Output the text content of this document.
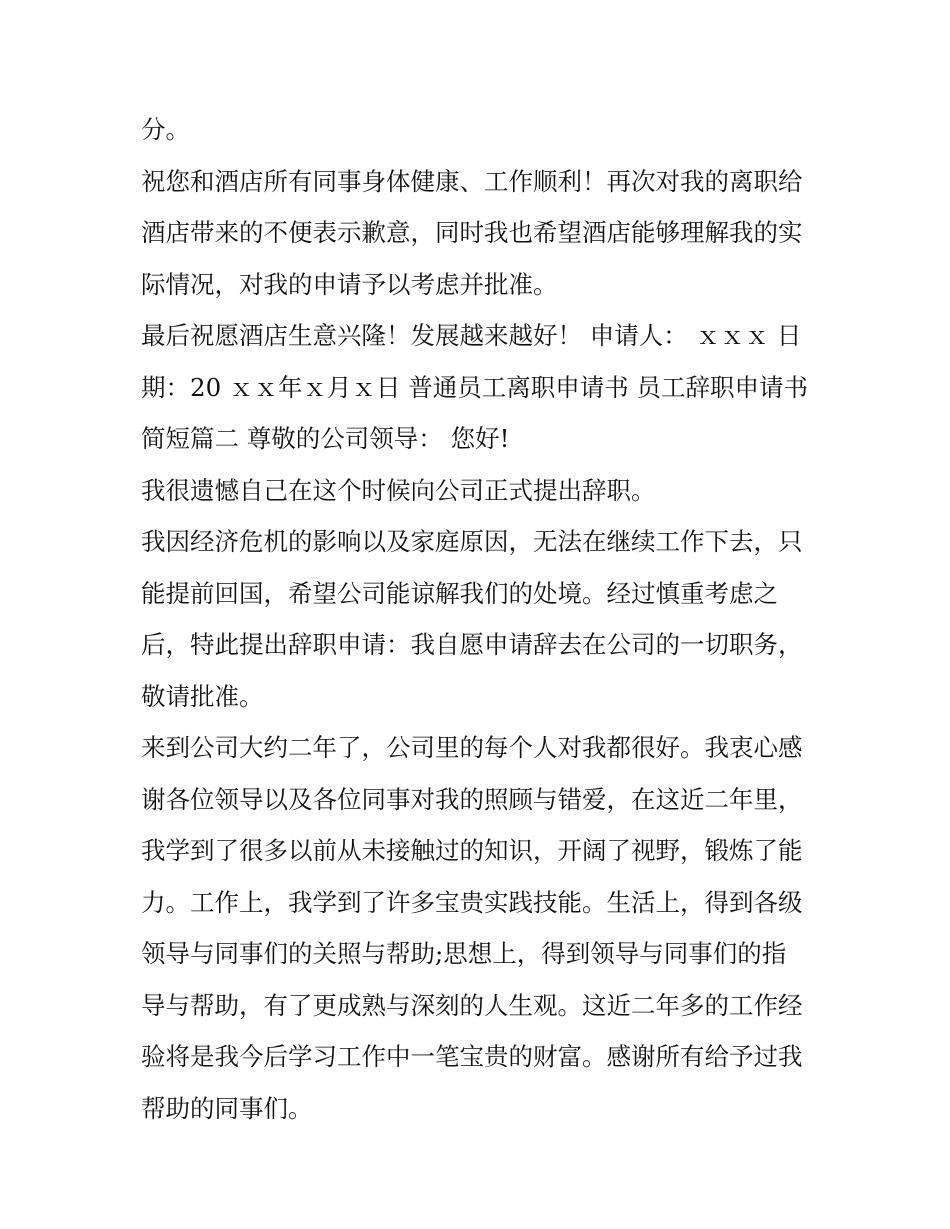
分。
祝您和酒店所有同事身体健康、工作顺利！再次对我的离职给
酒店带来的不便表示歉意，同时我也希望酒店能够理解我的实
际情况，对我的申请予以考虑并批准。
最后祝愿酒店生意兴隆！发展越来越好！ 申请人： ｘｘｘ 日
期：20 ｘｘ年ｘ月ｘ日 普通员工离职申请书 员工辞职申请书
简短篇二 尊敬的公司领导： 您好!
我很遗憾自己在这个时候向公司正式提出辞职。
我因经济危机的影响以及家庭原因，无法在继续工作下去，只
能提前回国，希望公司能谅解我们的处境。经过慎重考虑之
后，特此提出辞职申请：我自愿申请辞去在公司的一切职务，
敬请批准。
来到公司大约二年了，公司里的每个人对我都很好。我衷心感
谢各位领导以及各位同事对我的照顾与错爱，在这近二年里，
我学到了很多以前从未接触过的知识，开阔了视野，锻炼了能
力。工作上，我学到了许多宝贵实践技能。生活上，得到各级
领导与同事们的关照与帮助;思想上，得到领导与同事们的指
导与帮助，有了更成熟与深刻的人生观。这近二年多的工作经
验将是我今后学习工作中一笔宝贵的财富。感谢所有给予过我
帮助的同事们。
